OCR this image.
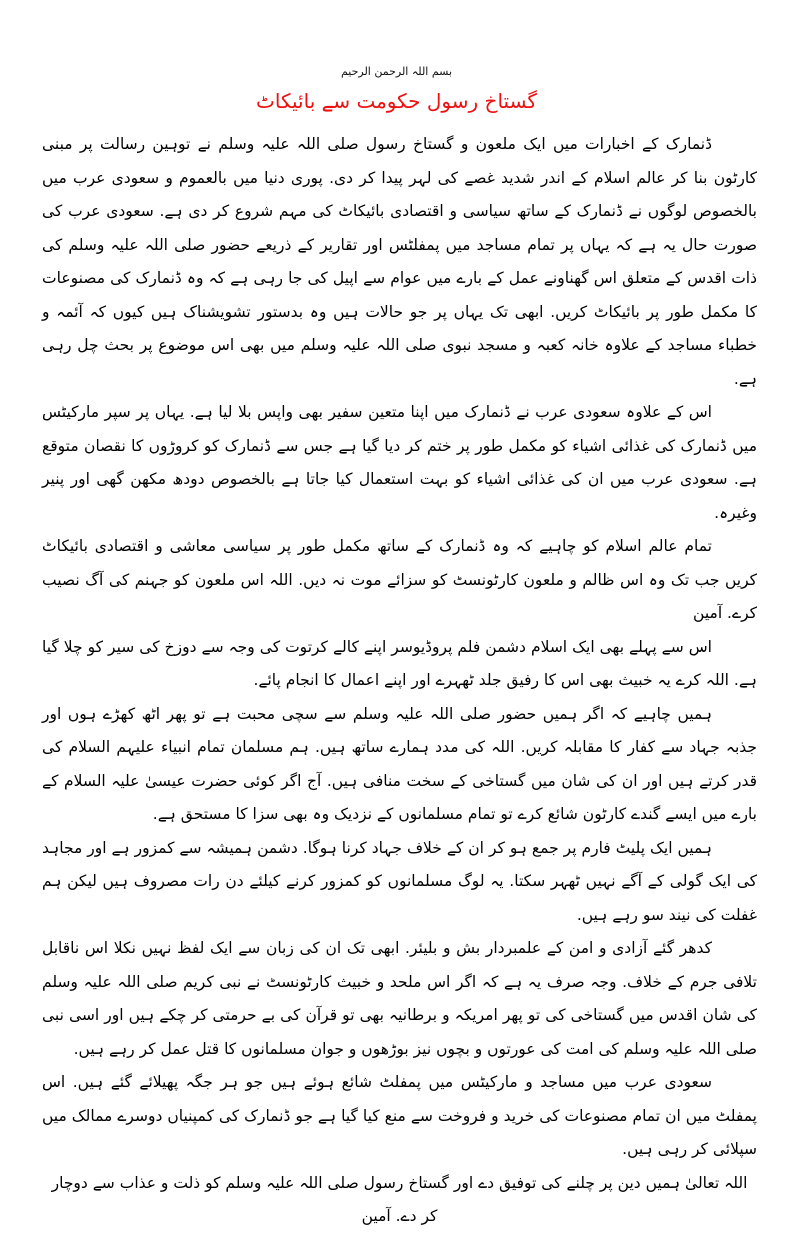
بسم اللہ الرحمن الرحیم
گستاخ رسول حکومت سے بائیکاٹ

ڈنمارک کے اخبارات میں ایک ملعون و گستاخ رسول صلی اللہ علیہ وسلم نے توہین رسالت پر مبنی کارٹون بنا کر عالم اسلام کے اندر شدید غصے کی لہر پیدا کر دی. پوری دنیا میں بالعموم و سعودی عرب میں بالخصوص لوگوں نے ڈنمارک کے ساتھ سیاسی و اقتصادی بائیکاٹ کی مہم شروع کر دی ہے. سعودی عرب کی صورت حال یہ ہے کہ یہاں پر تمام مساجد میں پمفلٹس اور تقاریر کے ذریعے حضور صلی اللہ علیہ وسلم کی ذات اقدس کے متعلق اس گھناونے عمل کے بارے میں عوام سے اپیل کی جا رہی ہے کہ وہ ڈنمارک کی مصنوعات کا مکمل طور پر بائیکاٹ کریں. ابھی تک یہاں پر جو حالات ہیں وہ بدستور تشویشناک ہیں کیوں کہ آئمہ و خطباء مساجد کے علاوہ خانہ کعبہ و مسجد نبوی صلی اللہ علیہ وسلم میں بھی اس موضوع پر بحث چل رہی ہے.

اس کے علاوہ سعودی عرب نے ڈنمارک میں اپنا متعین سفیر بھی واپس بلا لیا ہے. یہاں پر سپر مارکیٹس میں ڈنمارک کی غذائی اشیاء کو مکمل طور پر ختم کر دیا گیا ہے جس سے ڈنمارک کو کروڑوں کا نقصان متوقع ہے. سعودی عرب میں ان کی غذائی اشیاء کو بہت استعمال کیا جاتا ہے بالخصوص دودھ مکھن گھی اور پنیر وغیرہ.

تمام عالم اسلام کو چاہیے کہ وہ ڈنمارک کے ساتھ مکمل طور پر سیاسی معاشی و اقتصادی بائیکاٹ کریں جب تک وہ اس ظالم و ملعون کارٹونسٹ کو سزائے موت نہ دیں. اللہ اس ملعون کو جہنم کی آگ نصیب کرے. آمین

اس سے پہلے بھی ایک اسلام دشمن فلم پروڈیوسر اپنے کالے کرتوت کی وجہ سے دوزخ کی سیر کو چلا گیا ہے. اللہ کرے یہ خبیث بھی اس کا رفیق جلد ٹھہرے اور اپنے اعمال کا انجام پائے.

ہمیں چاہیے کہ اگر ہمیں حضور صلی اللہ علیہ وسلم سے سچی محبت ہے تو پھر اٹھ کھڑے ہوں اور جذبہ جہاد سے کفار کا مقابلہ کریں. اللہ کی مدد ہمارے ساتھ ہیں. ہم مسلمان تمام انبیاء علیہم السلام کی قدر کرتے ہیں اور ان کی شان میں گستاخی کے سخت منافی ہیں. آج اگر کوئی حضرت عیسیٰ علیہ السلام کے بارے میں ایسے گندے کارٹون شائع کرے تو تمام مسلمانوں کے نزدیک وہ بھی سزا کا مستحق ہے.

ہمیں ایک پلیٹ فارم پر جمع ہو کر ان کے خلاف جہاد کرنا ہوگا. دشمن ہمیشہ سے کمزور ہے اور مجاہد کی ایک گولی کے آگے نہیں ٹھہر سکتا. یہ لوگ مسلمانوں کو کمزور کرنے کیلئے دن رات مصروف ہیں لیکن ہم غفلت کی نیند سو رہے ہیں.

کدھر گئے آزادی و امن کے علمبردار بش و بلیئر. ابھی تک ان کی زبان سے ایک لفظ نہیں نکلا اس ناقابل تلافی جرم کے خلاف. وجہ صرف یہ ہے کہ اگر اس ملحد و خبیث کارٹونسٹ نے نبی کریم صلی اللہ علیہ وسلم کی شان اقدس میں گستاخی کی تو پھر امریکہ و برطانیہ بھی تو قرآن کی بے حرمتی کر چکے ہیں اور اسی نبی صلی اللہ علیہ وسلم کی امت کی عورتوں و بچوں نیز بوڑھوں و جوان مسلمانوں کا قتل عمل کر رہے ہیں.

سعودی عرب میں مساجد و مارکیٹس میں پمفلٹ شائع ہوئے ہیں جو ہر جگہ پھیلائے گئے ہیں. اس پمفلٹ میں ان تمام مصنوعات کی خرید و فروخت سے منع کیا گیا ہے جو ڈنمارک کی کمپنیاں دوسرے ممالک میں سپلائی کر رہی ہیں.

اللہ تعالیٰ ہمیں دین پر چلنے کی توفیق دے اور گستاخ رسول صلی اللہ علیہ وسلم کو ذلت و عذاب سے دوچار کر دے. آمین
